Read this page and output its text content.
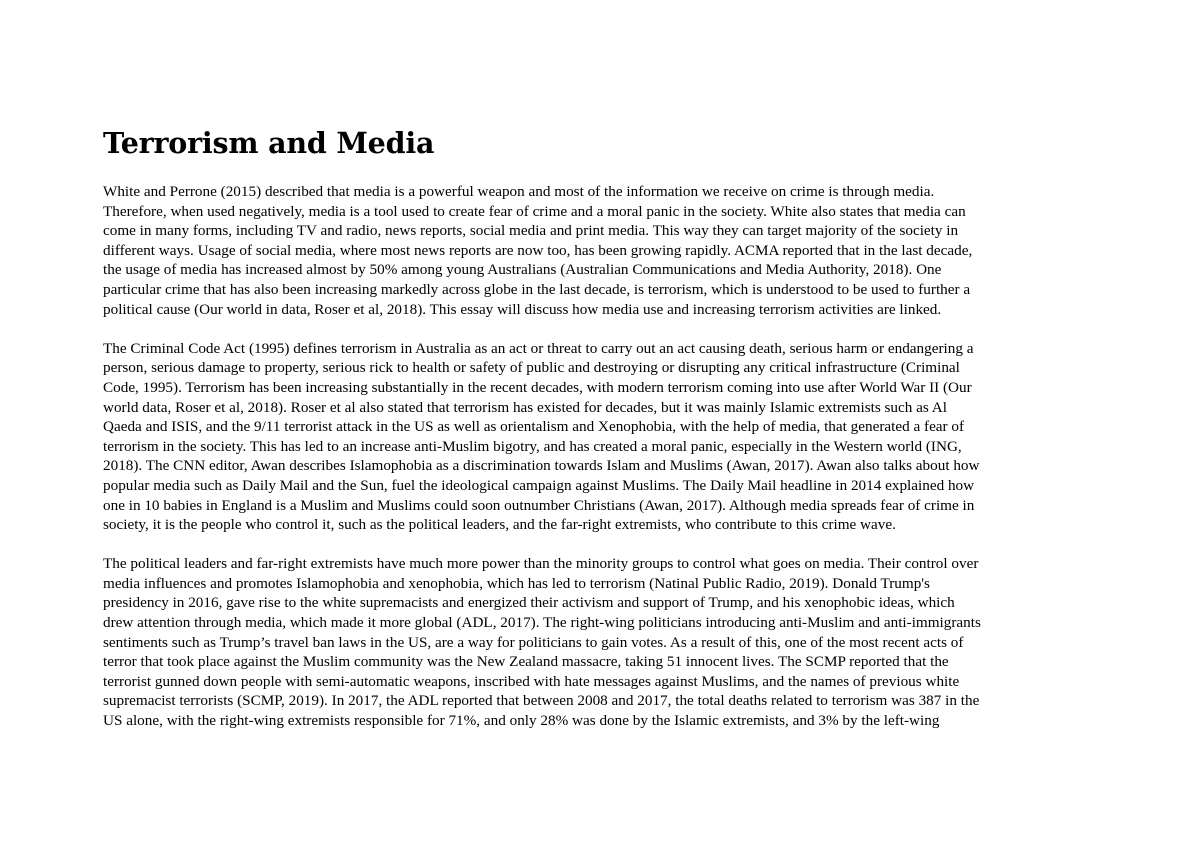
Terrorism and Media

White and Perrone (2015) described that media is a powerful weapon and most of the information we receive on crime is through media.
Therefore, when used negatively, media is a tool used to create fear of crime and a moral panic in the society. White also states that media can
come in many forms, including TV and radio, news reports, social media and print media. This way they can target majority of the society in
different ways. Usage of social media, where most news reports are now too, has been growing rapidly. ACMA reported that in the last decade,
the usage of media has increased almost by 50% among young Australians (Australian Communications and Media Authority, 2018). One
particular crime that has also been increasing markedly across globe in the last decade, is terrorism, which is understood to be used to further a
political cause (Our world in data, Roser et al, 2018). This essay will discuss how media use and increasing terrorism activities are linked.

The Criminal Code Act (1995) defines terrorism in Australia as an act or threat to carry out an act causing death, serious harm or endangering a
person, serious damage to property, serious rick to health or safety of public and destroying or disrupting any critical infrastructure (Criminal
Code, 1995). Terrorism has been increasing substantially in the recent decades, with modern terrorism coming into use after World War II (Our
world data, Roser et al, 2018). Roser et al also stated that terrorism has existed for decades, but it was mainly Islamic extremists such as Al
Qaeda and ISIS, and the 9/11 terrorist attack in the US as well as orientalism and Xenophobia, with the help of media, that generated a fear of
terrorism in the society. This has led to an increase anti-Muslim bigotry, and has created a moral panic, especially in the Western world (ING,
2018). The CNN editor, Awan describes Islamophobia as a discrimination towards Islam and Muslims (Awan, 2017). Awan also talks about how
popular media such as Daily Mail and the Sun, fuel the ideological campaign against Muslims. The Daily Mail headline in 2014 explained how
one in 10 babies in England is a Muslim and Muslims could soon outnumber Christians (Awan, 2017). Although media spreads fear of crime in
society, it is the people who control it, such as the political leaders, and the far-right extremists, who contribute to this crime wave.

The political leaders and far-right extremists have much more power than the minority groups to control what goes on media. Their control over
media influences and promotes Islamophobia and xenophobia, which has led to terrorism (Natinal Public Radio, 2019). Donald Trump's
presidency in 2016, gave rise to the white supremacists and energized their activism and support of Trump, and his xenophobic ideas, which
drew attention through media, which made it more global (ADL, 2017). The right-wing politicians introducing anti-Muslim and anti-immigrants
sentiments such as Trump’s travel ban laws in the US, are a way for politicians to gain votes. As a result of this, one of the most recent acts of
terror that took place against the Muslim community was the New Zealand massacre, taking 51 innocent lives. The SCMP reported that the
terrorist gunned down people with semi-automatic weapons, inscribed with hate messages against Muslims, and the names of previous white
supremacist terrorists (SCMP, 2019). In 2017, the ADL reported that between 2008 and 2017, the total deaths related to terrorism was 387 in the
US alone, with the right-wing extremists responsible for 71%, and only 28% was done by the Islamic extremists, and 3% by the left-wing
